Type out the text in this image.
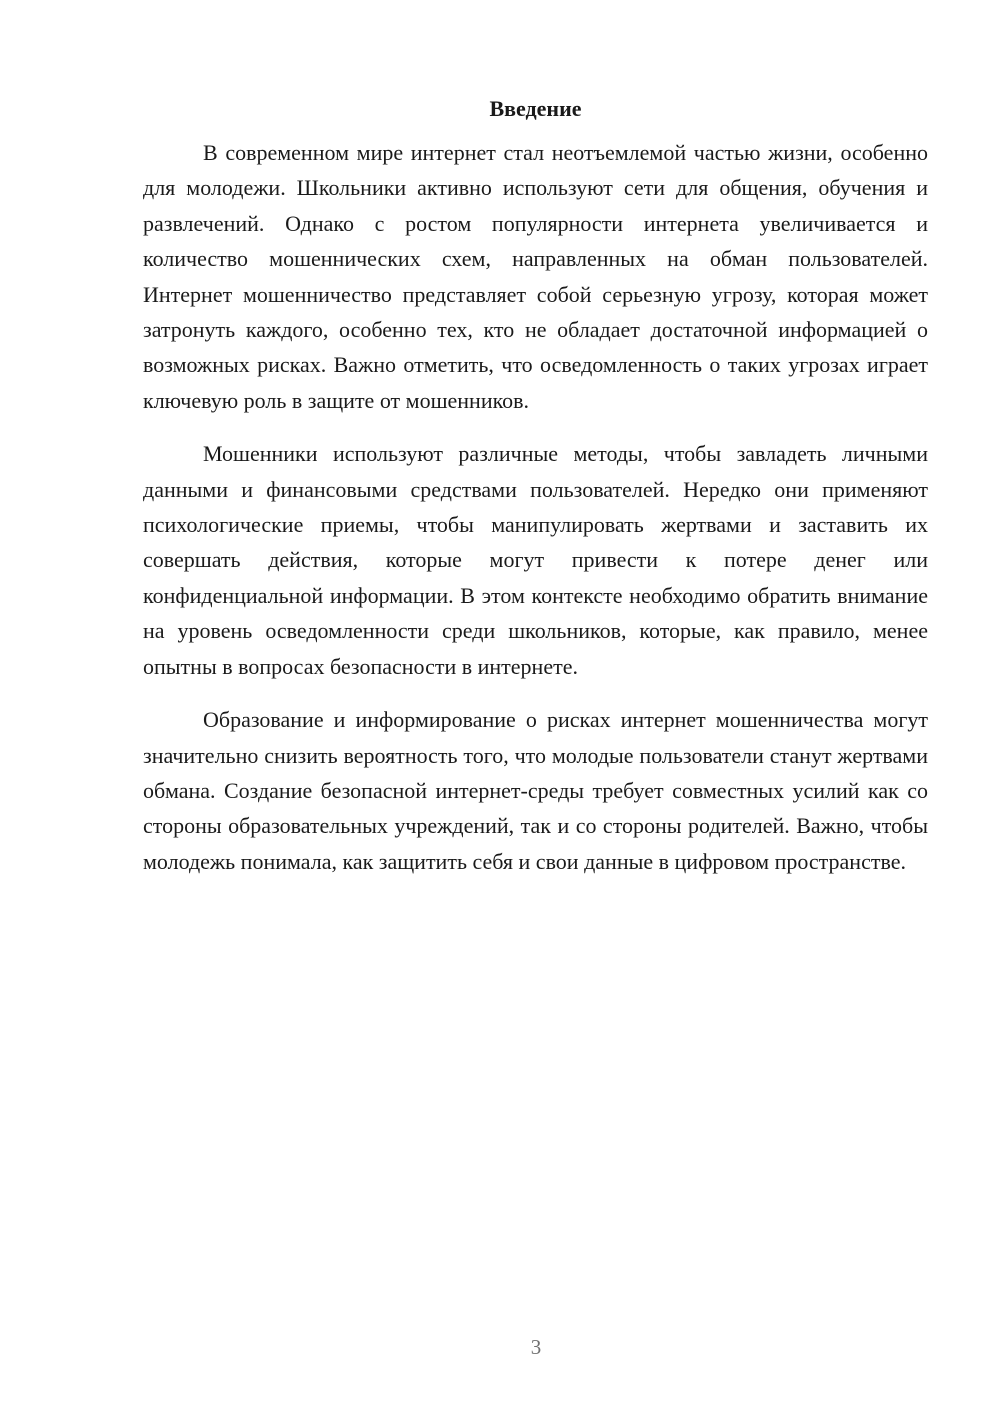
Введение

В современном мире интернет стал неотъемлемой частью жизни, особенно для молодежи. Школьники активно используют сети для общения, обучения и развлечений. Однако с ростом популярности интернета увеличивается и количество мошеннических схем, направленных на обман пользователей. Интернет мошенничество представляет собой серьезную угрозу, которая может затронуть каждого, особенно тех, кто не обладает достаточной информацией о возможных рисках. Важно отметить, что осведомленность о таких угрозах играет ключевую роль в защите от мошенников.

Мошенники используют различные методы, чтобы завладеть личными данными и финансовыми средствами пользователей. Нередко они применяют психологические приемы, чтобы манипулировать жертвами и заставить их совершать действия, которые могут привести к потере денег или конфиденциальной информации. В этом контексте необходимо обратить внимание на уровень осведомленности среди школьников, которые, как правило, менее опытны в вопросах безопасности в интернете.

Образование и информирование о рисках интернет мошенничества могут значительно снизить вероятность того, что молодые пользователи станут жертвами обмана. Создание безопасной интернет-среды требует совместных усилий как со стороны образовательных учреждений, так и со стороны родителей. Важно, чтобы молодежь понимала, как защитить себя и свои данные в цифровом пространстве.

3
